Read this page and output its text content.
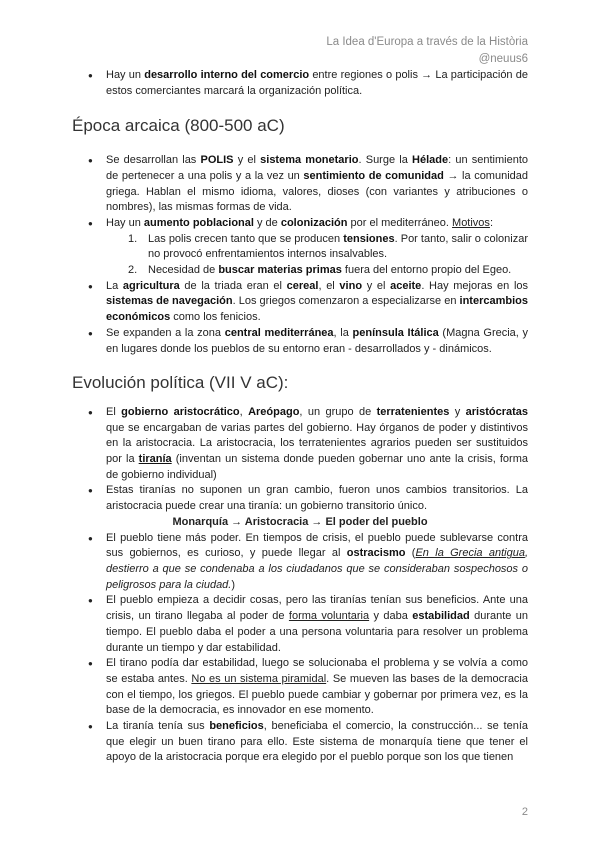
La Idea d'Europa a través de la Història
@neuus6

● Hay un desarrollo interno del comercio entre regiones o polis → La participación de estos comerciantes marcará la organización política.

Época arcaica (800-500 aC)

● Se desarrollan las POLIS y el sistema monetario. Surge la Hélade: un sentimiento de pertenecer a una polis y a la vez un sentimiento de comunidad → la comunidad griega. Hablan el mismo idioma, valores, dioses (con variantes y atribuciones o nombres), las mismas formas de vida.

● Hay un aumento poblacional y de colonización por el mediterráneo. Motivos:

1. Las polis crecen tanto que se producen tensiones. Por tanto, salir o colonizar no provocó enfrentamientos internos insalvables.

2. Necesidad de buscar materias primas fuera del entorno propio del Egeo.

● La agricultura de la triada eran el cereal, el vino y el aceite. Hay mejoras en los sistemas de navegación. Los griegos comenzaron a especializarse en intercambios económicos como los fenicios.

● Se expanden a la zona central mediterránea, la península Itálica (Magna Grecia, y en lugares donde los pueblos de su entorno eran - desarrollados y - dinámicos.

Evolución política (VII V aC):

● El gobierno aristocrático, Areópago, un grupo de terratenientes y aristócratas que se encargaban de varias partes del gobierno. Hay órganos de poder y distintivos en la aristocracia. La aristocracia, los terratenientes agrarios pueden ser sustituidos por la tiranía (inventan un sistema donde pueden gobernar uno ante la crisis, forma de gobierno individual)

● Estas tiranías no suponen un gran cambio, fueron unos cambios transitorios. La aristocracia puede crear una tiranía: un gobierno transitorio único.

Monarquía → Aristocracia → El poder del pueblo

● El pueblo tiene más poder. En tiempos de crisis, el pueblo puede sublevarse contra sus gobiernos, es curioso, y puede llegar al ostracismo (En la Grecia antigua, destierro a que se condenaba a los ciudadanos que se consideraban sospechosos o peligrosos para la ciudad.)

● El pueblo empieza a decidir cosas, pero las tiranías tenían sus beneficios. Ante una crisis, un tirano llegaba al poder de forma voluntaria y daba estabilidad durante un tiempo. El pueblo daba el poder a una persona voluntaria para resolver un problema durante un tiempo y dar estabilidad.

● El tirano podía dar estabilidad, luego se solucionaba el problema y se volvía a como se estaba antes. No es un sistema piramidal. Se mueven las bases de la democracia con el tiempo, los griegos. El pueblo puede cambiar y gobernar por primera vez, es la base de la democracia, es innovador en ese momento.

● La tiranía tenía sus beneficios, beneficiaba el comercio, la construcción... se tenía que elegir un buen tirano para ello. Este sistema de monarquía tiene que tener el apoyo de la aristocracia porque era elegido por el pueblo porque son los que tienen

2
